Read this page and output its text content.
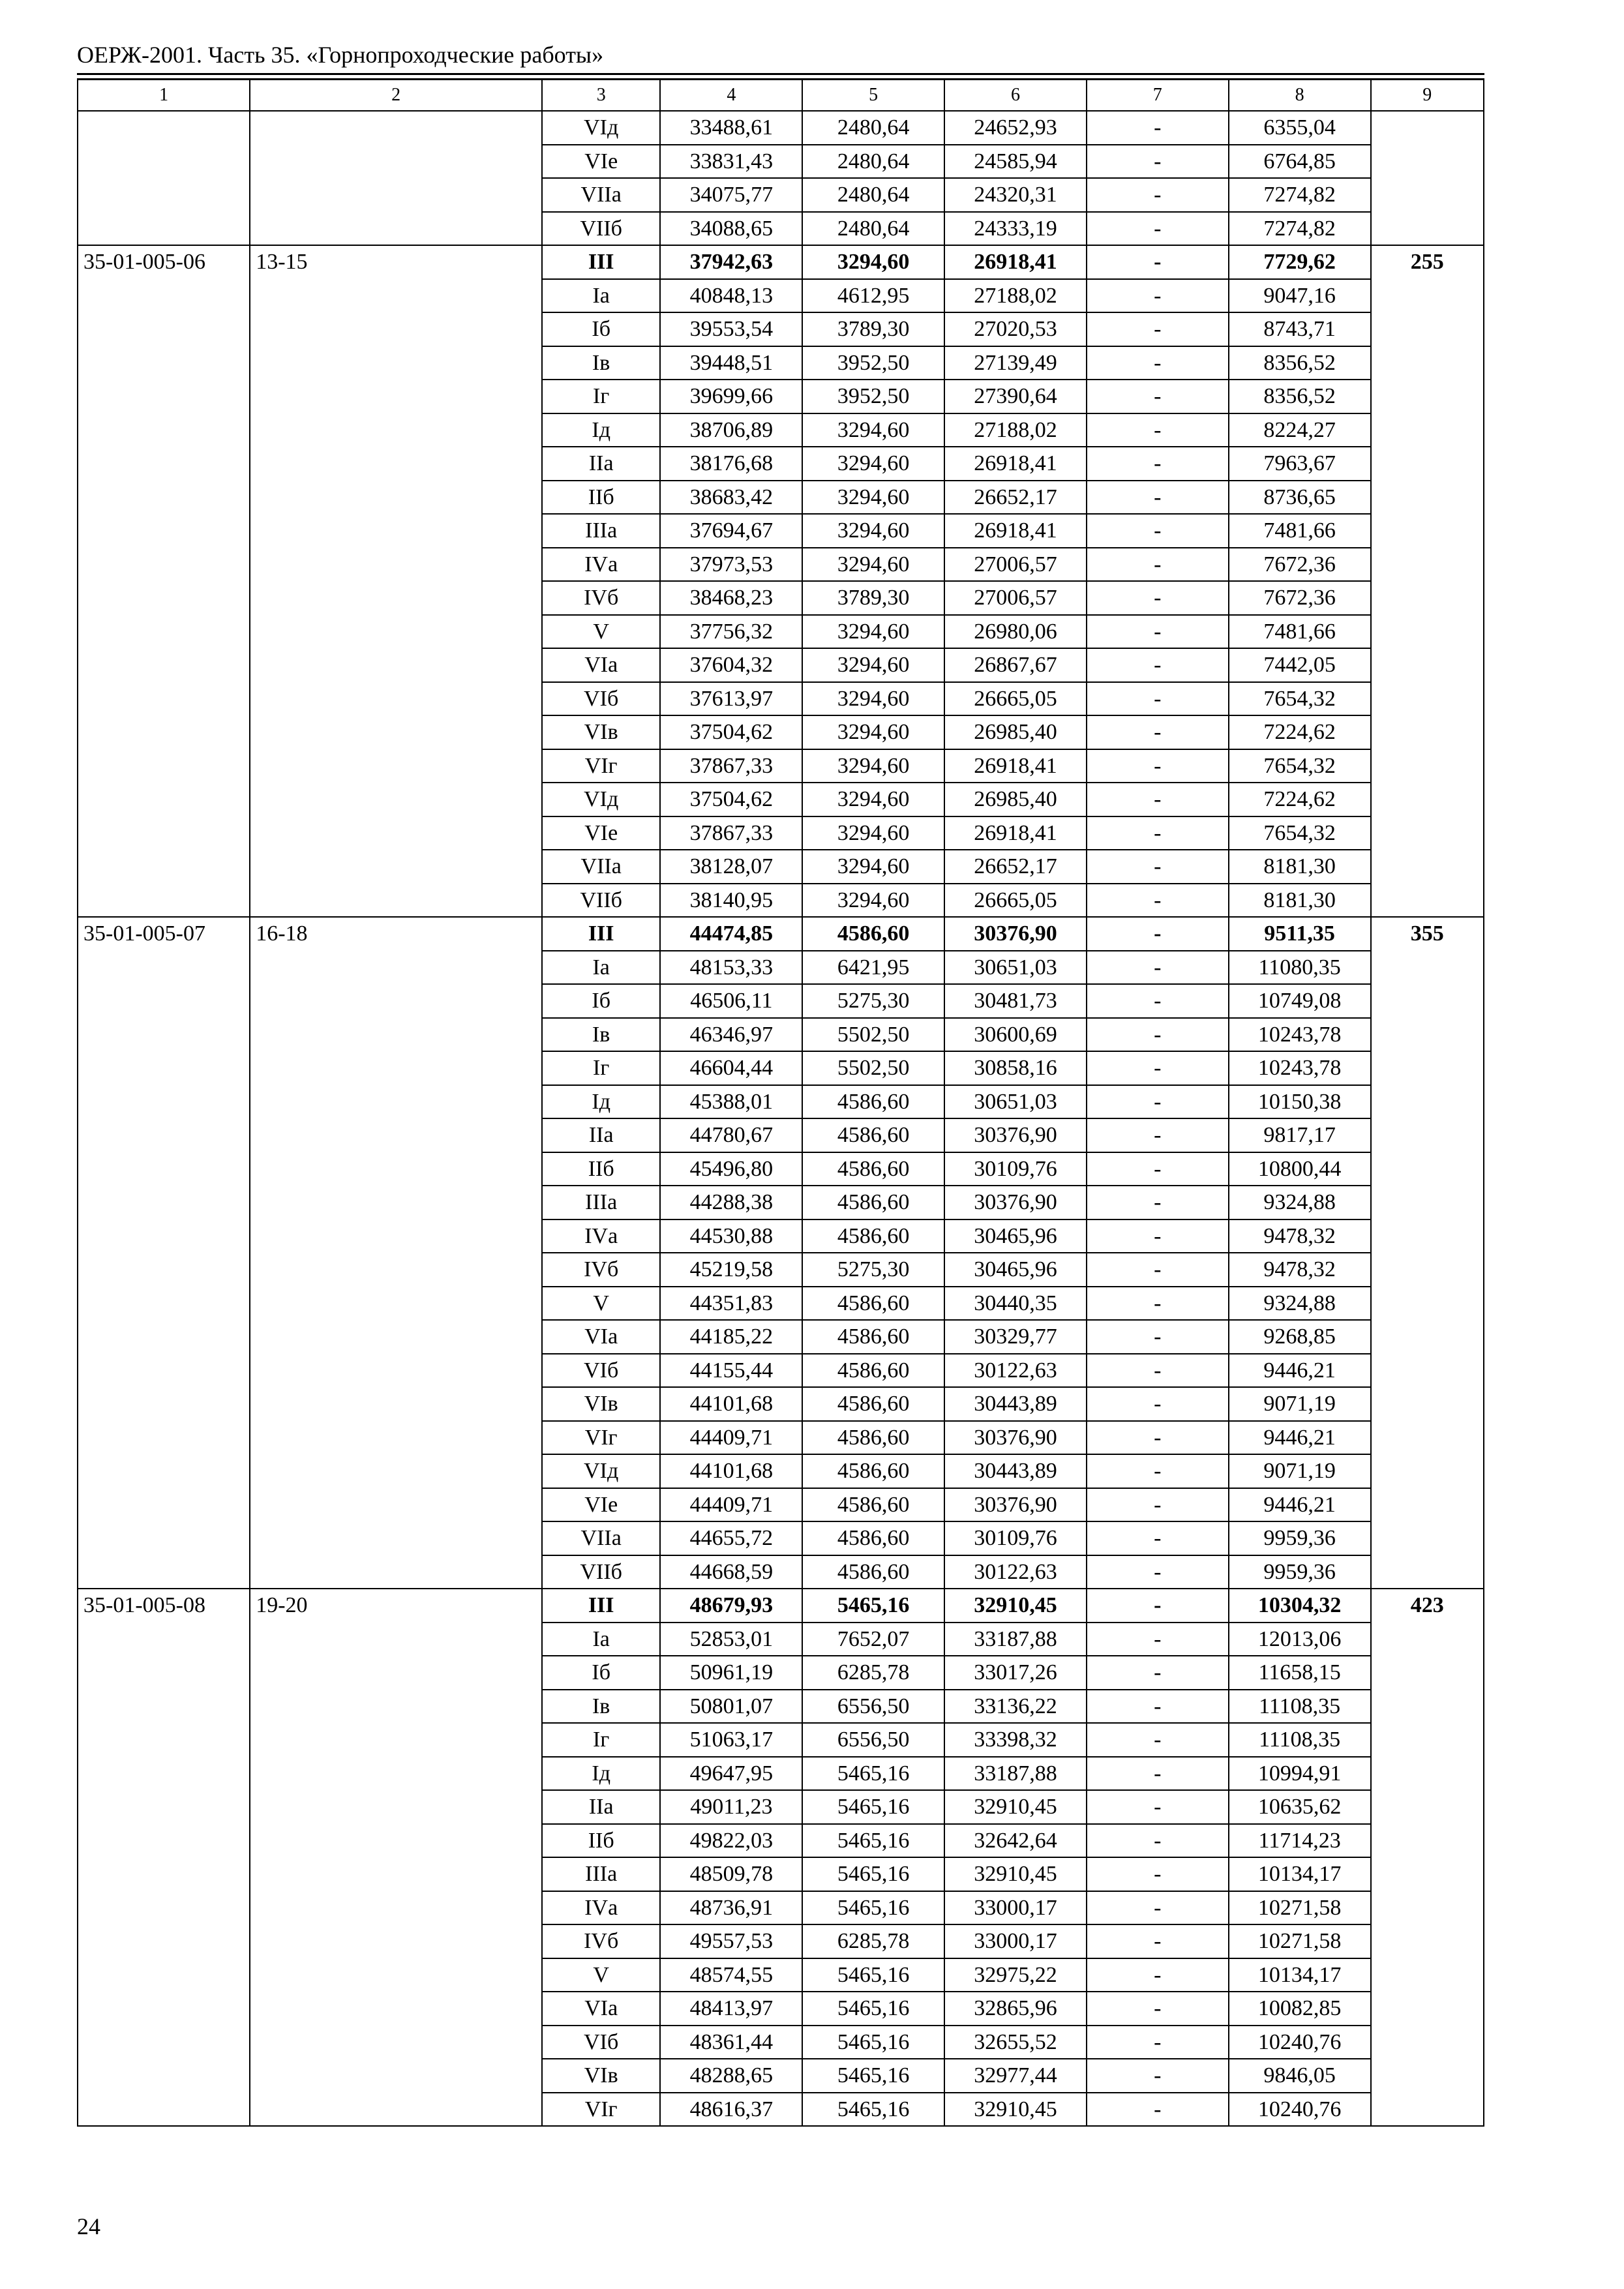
ОЕРЖ-2001. Часть 35. «Горнопроходческие работы»
1	2	3	4	5	6	7	8	9
		VIд	33488,61	2480,64	24652,93	-	6355,04	
		VIе	33831,43	2480,64	24585,94	-	6764,85	
		VIIа	34075,77	2480,64	24320,31	-	7274,82	
		VIIб	34088,65	2480,64	24333,19	-	7274,82	
35-01-005-06	13-15	III	37942,63	3294,60	26918,41	-	7729,62	255
		Iа	40848,13	4612,95	27188,02	-	9047,16	
		Iб	39553,54	3789,30	27020,53	-	8743,71	
		Iв	39448,51	3952,50	27139,49	-	8356,52	
		Iг	39699,66	3952,50	27390,64	-	8356,52	
		Iд	38706,89	3294,60	27188,02	-	8224,27	
		IIа	38176,68	3294,60	26918,41	-	7963,67	
		IIб	38683,42	3294,60	26652,17	-	8736,65	
		IIIа	37694,67	3294,60	26918,41	-	7481,66	
		IVа	37973,53	3294,60	27006,57	-	7672,36	
		IVб	38468,23	3789,30	27006,57	-	7672,36	
		V	37756,32	3294,60	26980,06	-	7481,66	
		VIа	37604,32	3294,60	26867,67	-	7442,05	
		VIб	37613,97	3294,60	26665,05	-	7654,32	
		VIв	37504,62	3294,60	26985,40	-	7224,62	
		VIг	37867,33	3294,60	26918,41	-	7654,32	
		VIд	37504,62	3294,60	26985,40	-	7224,62	
		VIе	37867,33	3294,60	26918,41	-	7654,32	
		VIIа	38128,07	3294,60	26652,17	-	8181,30	
		VIIб	38140,95	3294,60	26665,05	-	8181,30	
35-01-005-07	16-18	III	44474,85	4586,60	30376,90	-	9511,35	355
		Iа	48153,33	6421,95	30651,03	-	11080,35	
		Iб	46506,11	5275,30	30481,73	-	10749,08	
		Iв	46346,97	5502,50	30600,69	-	10243,78	
		Iг	46604,44	5502,50	30858,16	-	10243,78	
		Iд	45388,01	4586,60	30651,03	-	10150,38	
		IIа	44780,67	4586,60	30376,90	-	9817,17	
		IIб	45496,80	4586,60	30109,76	-	10800,44	
		IIIа	44288,38	4586,60	30376,90	-	9324,88	
		IVа	44530,88	4586,60	30465,96	-	9478,32	
		IVб	45219,58	5275,30	30465,96	-	9478,32	
		V	44351,83	4586,60	30440,35	-	9324,88	
		VIа	44185,22	4586,60	30329,77	-	9268,85	
		VIб	44155,44	4586,60	30122,63	-	9446,21	
		VIв	44101,68	4586,60	30443,89	-	9071,19	
		VIг	44409,71	4586,60	30376,90	-	9446,21	
		VIд	44101,68	4586,60	30443,89	-	9071,19	
		VIе	44409,71	4586,60	30376,90	-	9446,21	
		VIIа	44655,72	4586,60	30109,76	-	9959,36	
		VIIб	44668,59	4586,60	30122,63	-	9959,36	
35-01-005-08	19-20	III	48679,93	5465,16	32910,45	-	10304,32	423
		Iа	52853,01	7652,07	33187,88	-	12013,06	
		Iб	50961,19	6285,78	33017,26	-	11658,15	
		Iв	50801,07	6556,50	33136,22	-	11108,35	
		Iг	51063,17	6556,50	33398,32	-	11108,35	
		Iд	49647,95	5465,16	33187,88	-	10994,91	
		IIа	49011,23	5465,16	32910,45	-	10635,62	
		IIб	49822,03	5465,16	32642,64	-	11714,23	
		IIIа	48509,78	5465,16	32910,45	-	10134,17	
		IVа	48736,91	5465,16	33000,17	-	10271,58	
		IVб	49557,53	6285,78	33000,17	-	10271,58	
		V	48574,55	5465,16	32975,22	-	10134,17	
		VIа	48413,97	5465,16	32865,96	-	10082,85	
		VIб	48361,44	5465,16	32655,52	-	10240,76	
		VIв	48288,65	5465,16	32977,44	-	9846,05	
		VIг	48616,37	5465,16	32910,45	-	10240,76	
24
